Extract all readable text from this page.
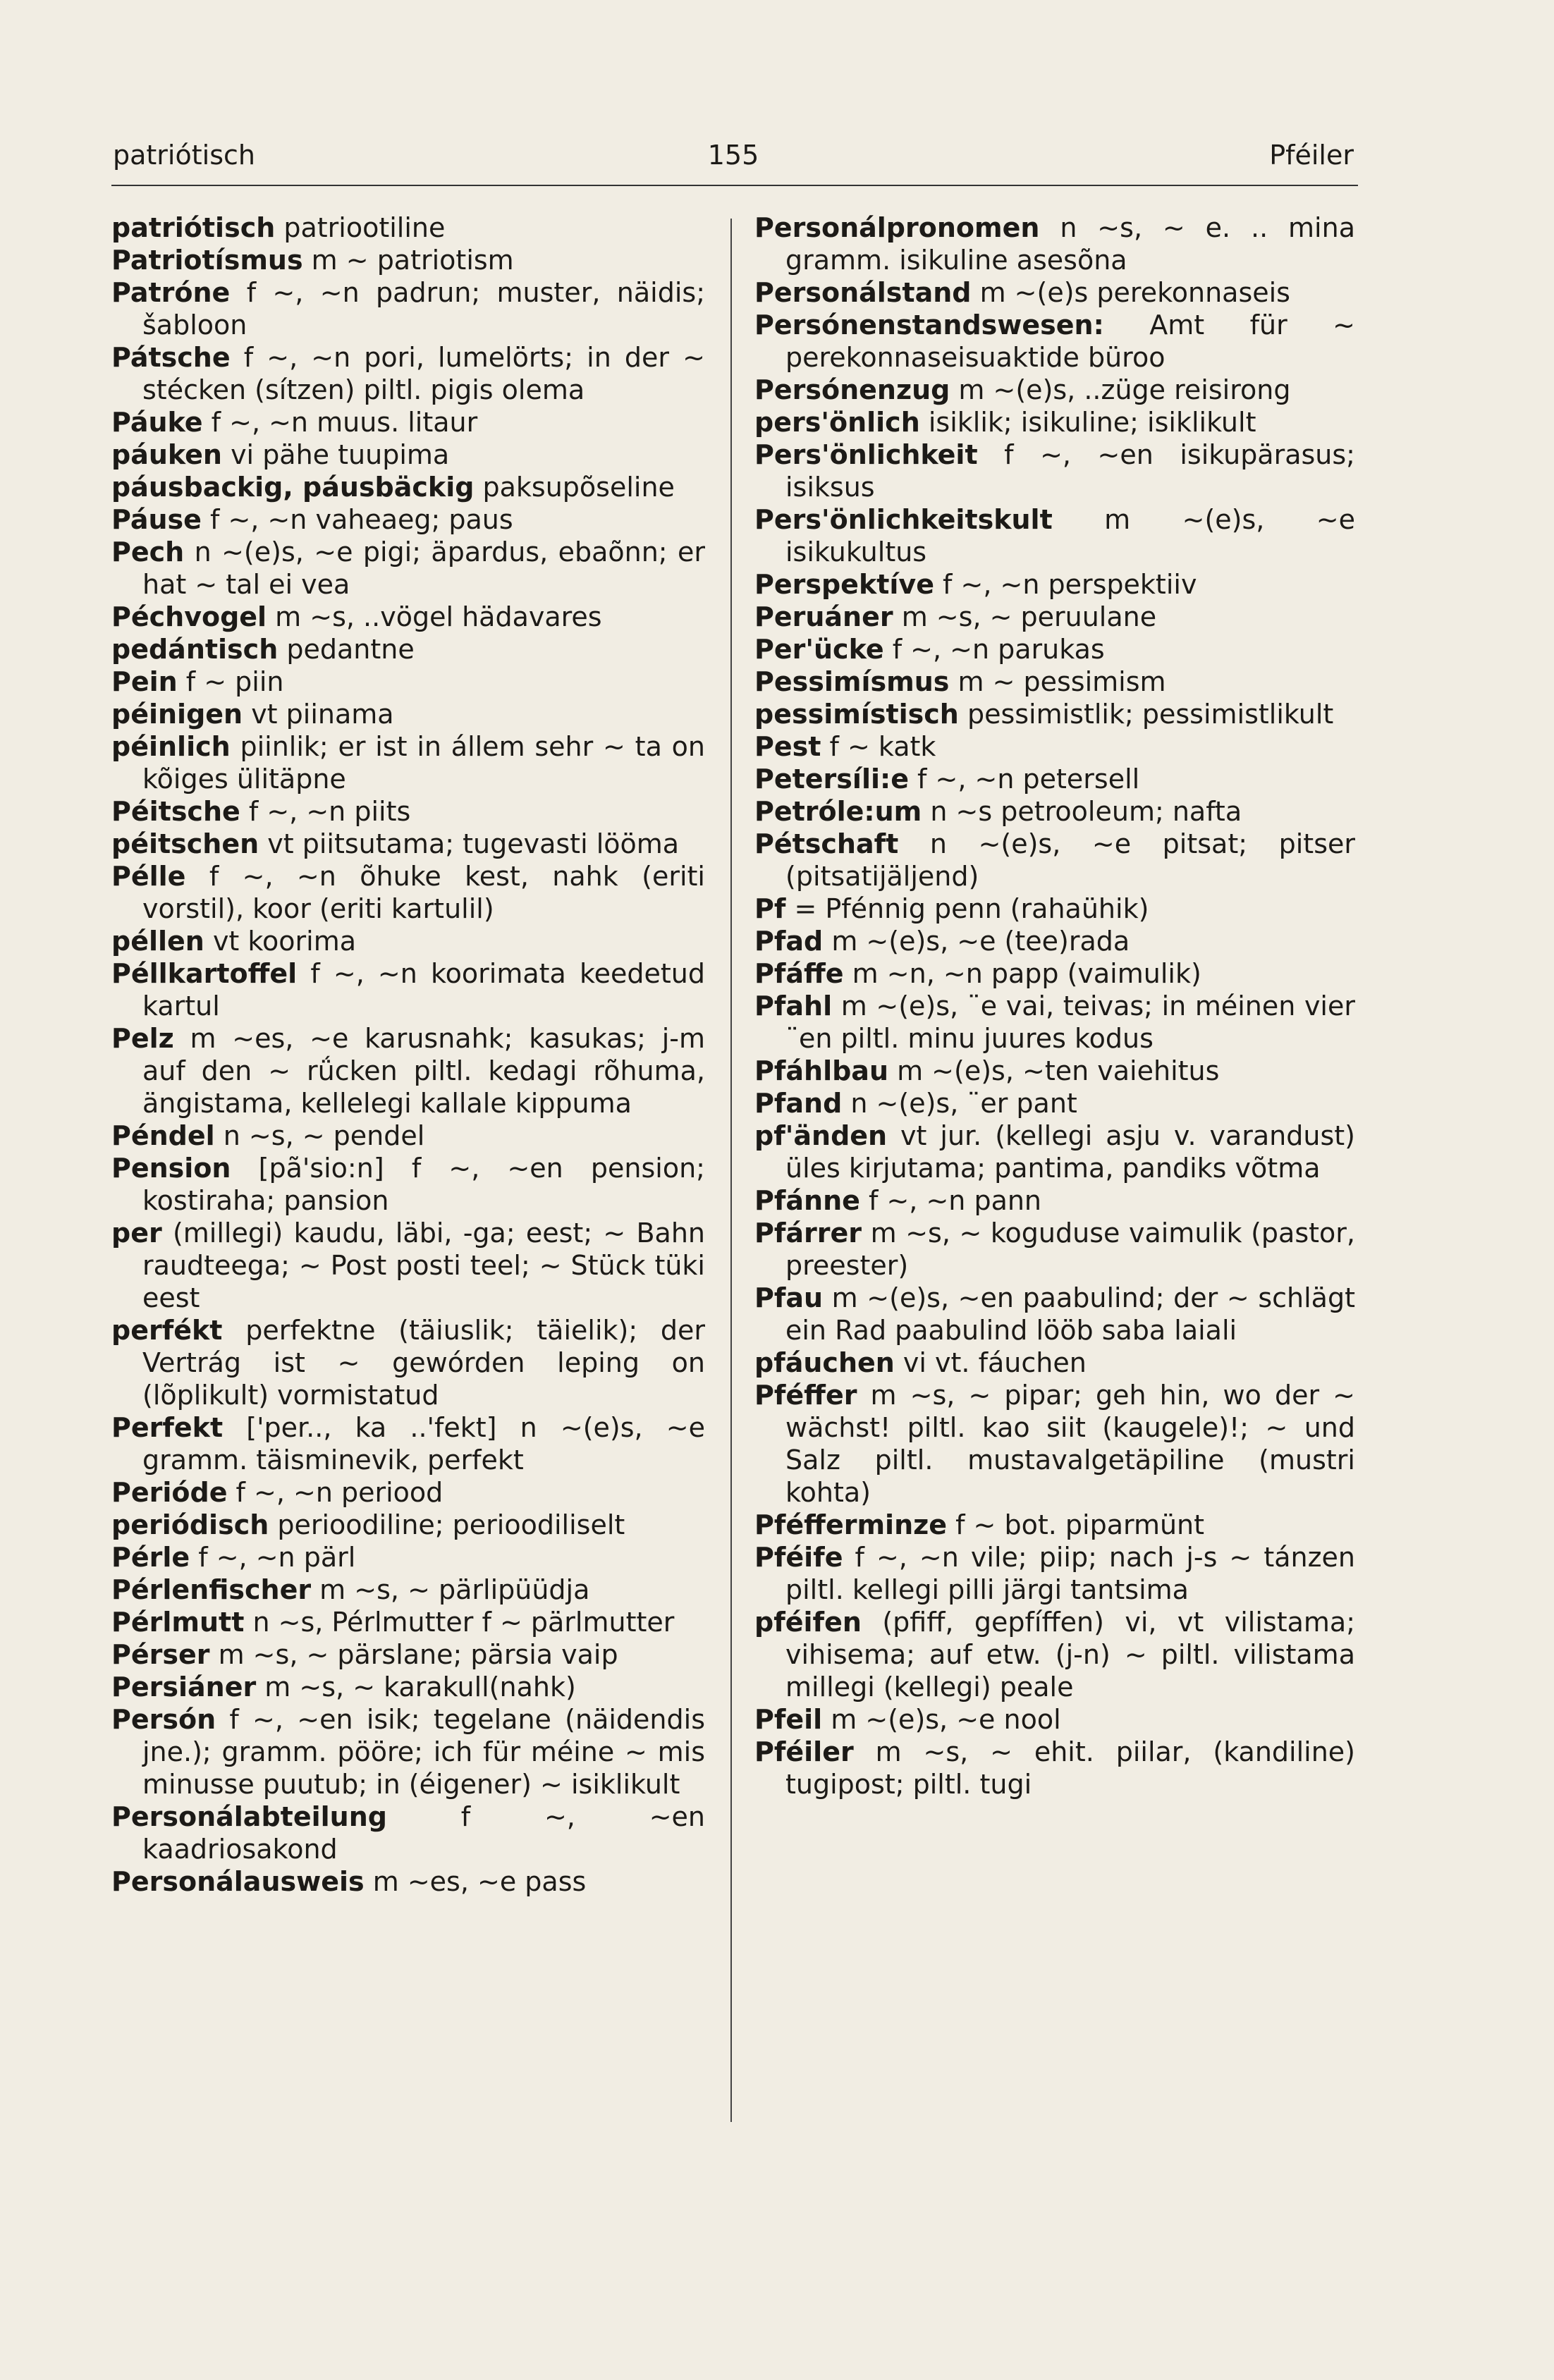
patriótisch	155	Pféiler

patriótisch patriootiline

Patriotísmus m ~ patriotism

Patróne f ~, ~n padrun; muster, näidis; šabloon

Pátsche f ~, ~n pori, lumelörts; in der ~ stécken (sítzen) piltl. pigis olema

Páuke f ~, ~n muus. litaur

páuken vi pähe tuupima

páusbackig, páusbäckig paksupõseline

Páuse f ~, ~n vaheaeg; paus

Pech n ~(e)s, ~e pigi; äpardus, ebaõnn; er hat ~ tal ei vea

Péchvogel m ~s, ..vögel hädavares

pedántisch pedantne

Pein f ~ piin

péinigen vt piinama

péinlich piinlik; er ist in állem sehr ~ ta on kõiges ülitäpne

Péitsche f ~, ~n piits

péitschen vt piitsutama; tugevasti lööma

Pélle f ~, ~n õhuke kest, nahk (eriti vorstil), koor (eriti kartulil)

péllen vt koorima

Péllkartoffel f ~, ~n koorimata keedetud kartul

Pelz m ~es, ~e karusnahk; kasukas; j-m auf den ~ rǘcken piltl. kedagi rõhuma, ängistama, kellelegi kallale kippuma

Péndel n ~s, ~ pendel

Pension [pã'sio:n] f ~, ~en pension; kostiraha; pansion

per (millegi) kaudu, läbi, -ga; eest; ~ Bahn raudteega; ~ Post posti teel; ~ Stück tüki eest

perfékt perfektne (täiuslik; täielik); der Vertrág ist ~ gewórden leping on (lõplikult) vormistatud

Perfekt ['per.., ka ..'fekt] n ~(e)s, ~e gramm. täisminevik, perfekt

Perióde f ~, ~n periood

periódisch perioodiline; perioodiliselt

Pérle f ~, ~n pärl

Pérlenfischer m ~s, ~ pärlipüüdja

Pérlmutt n ~s, Pérlmutter f ~ pärlmutter

Pérser m ~s, ~ pärslane; pärsia vaip

Persiáner m ~s, ~ karakull(nahk)

Persón f ~, ~en isik; tegelane (näidendis jne.); gramm. pööre; ich für méine ~ mis minusse puutub; in (éigener) ~ isiklikult

Personálabteilung f ~, ~en kaadriosakond

Personálausweis m ~es, ~e pass

Personálpronomen n ~s, ~ e. .. mina gramm. isikuline asesõna

Personálstand m ~(e)s perekonnaseis

Persónenstandswesen: Amt für ~ perekonnaseisuaktide büroo

Persónenzug m ~(e)s, ..züge reisirong

pers'önlich isiklik; isikuline; isiklikult

Pers'önlichkeit f ~, ~en isikupärasus; isiksus

Pers'önlichkeitskult m ~(e)s, ~e isikukultus

Perspektíve f ~, ~n perspektiiv

Peruáner m ~s, ~ peruulane

Per'ücke f ~, ~n parukas

Pessimísmus m ~ pessimism

pessimístisch pessimistlik; pessimistlikult

Pest f ~ katk

Petersíli:e f ~, ~n petersell

Petróle:um n ~s petrooleum; nafta

Pétschaft n ~(e)s, ~e pitsat; pitser (pitsatijäljend)

Pf = Pfénnig penn (rahaühik)

Pfad m ~(e)s, ~e (tee)rada

Pfáffe m ~n, ~n papp (vaimulik)

Pfahl m ~(e)s, ¨e vai, teivas; in méinen vier ¨en piltl. minu juures kodus

Pfáhlbau m ~(e)s, ~ten vaiehitus

Pfand n ~(e)s, ¨er pant

pf'änden vt jur. (kellegi asju v. varandust) üles kirjutama; pantima, pandiks võtma

Pfánne f ~, ~n pann

Pfárrer m ~s, ~ koguduse vaimulik (pastor, preester)

Pfau m ~(e)s, ~en paabulind; der ~ schlägt ein Rad paabulind lööb saba laiali

pfáuchen vi vt. fáuchen

Pféffer m ~s, ~ pipar; geh hin, wo der ~ wächst! piltl. kao siit (kaugele)!; ~ und Salz piltl. mustavalgetäpiline (mustri kohta)

Pféfferminze f ~ bot. piparmünt

Pféife f ~, ~n vile; piip; nach j-s ~ tánzen piltl. kellegi pilli järgi tantsima

pféifen (pfiff, gepfíffen) vi, vt vilistama; vihisema; auf etw. (j-n) ~ piltl. vilistama millegi (kellegi) peale

Pfeil m ~(e)s, ~e nool

Pféiler m ~s, ~ ehit. piilar, (kandiline) tugipost; piltl. tugi
